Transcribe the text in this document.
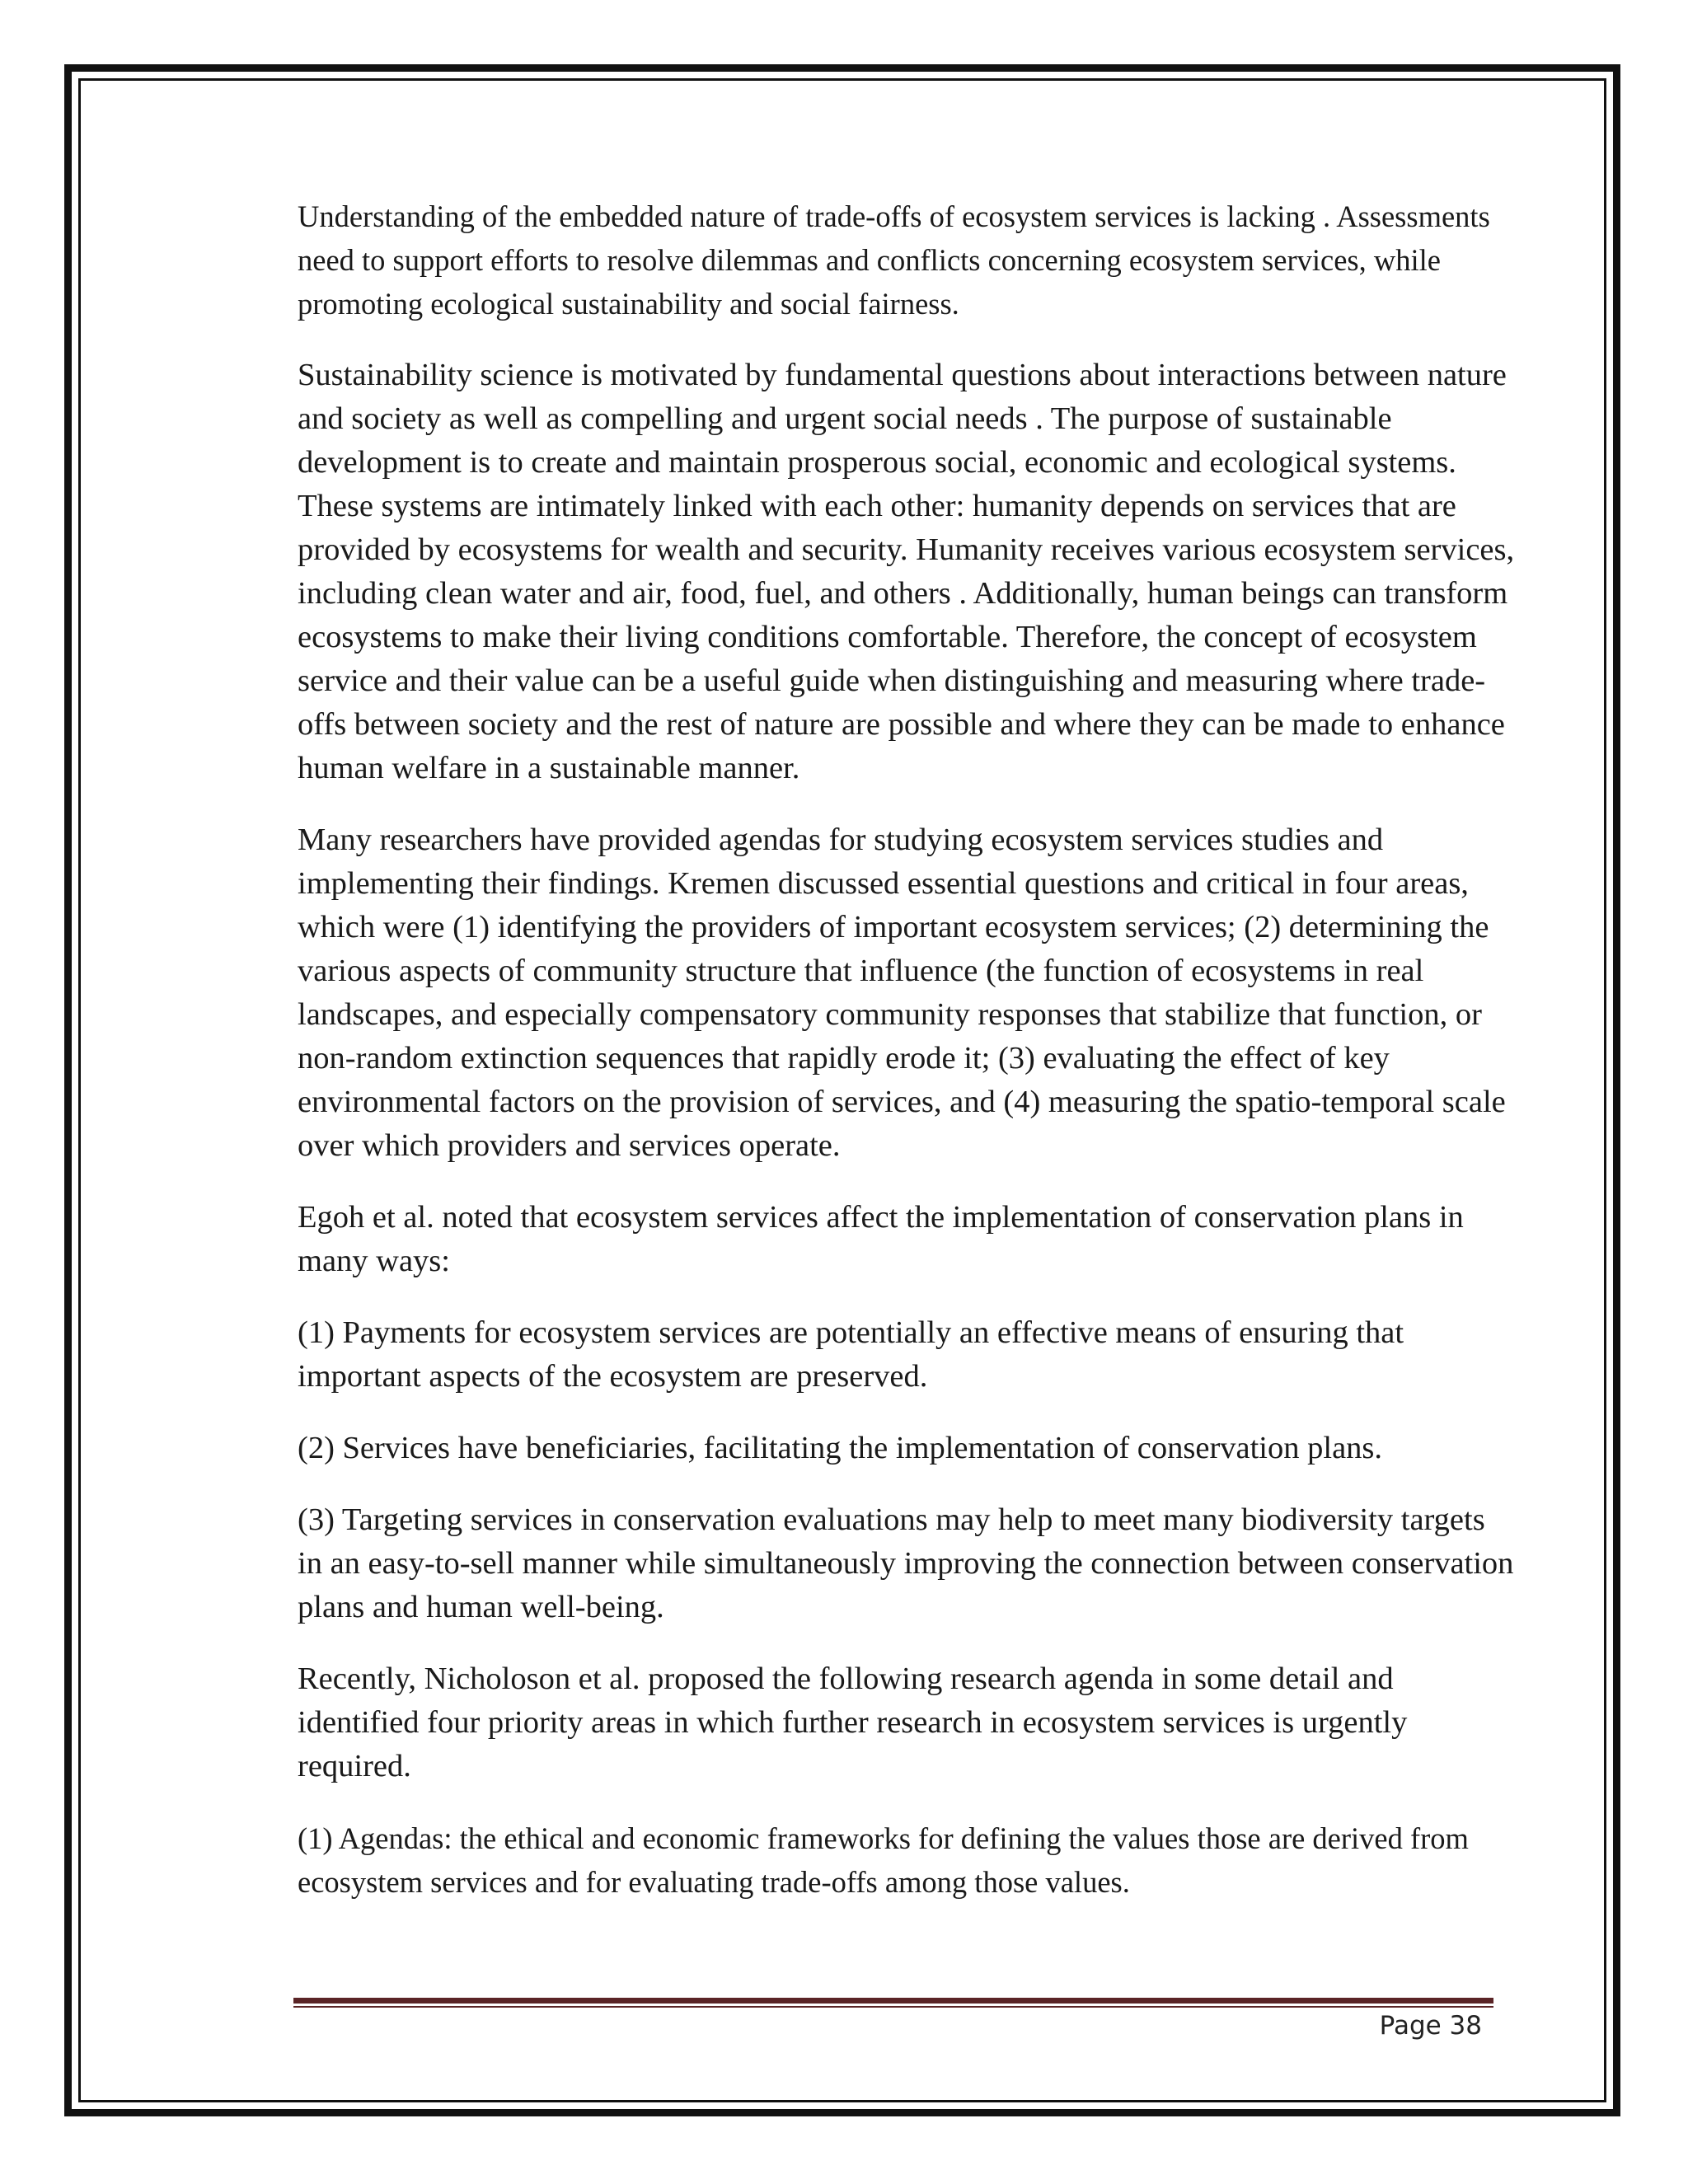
Understanding of the embedded nature of trade-offs of ecosystem services is lacking . Assessments need to support efforts to resolve dilemmas and conflicts concerning ecosystem services, while promoting ecological sustainability and social fairness.

Sustainability science is motivated by fundamental questions about interactions between nature and society as well as compelling and urgent social needs . The purpose of sustainable development is to create and maintain prosperous social, economic and ecological systems. These systems are intimately linked with each other: humanity depends on services that are provided by ecosystems for wealth and security. Humanity receives various ecosystem services, including clean water and air, food, fuel, and others . Additionally, human beings can transform ecosystems to make their living conditions comfortable. Therefore, the concept of ecosystem service and their value can be a useful guide when distinguishing and measuring where trade-offs between society and the rest of nature are possible and where they can be made to enhance human welfare in a sustainable manner.

Many researchers have provided agendas for studying ecosystem services studies and implementing their findings. Kremen discussed essential questions and critical in four areas, which were (1) identifying the providers of important ecosystem services; (2) determining the various aspects of community structure that influence (the function of ecosystems in real landscapes, and especially compensatory community responses that stabilize that function, or non-random extinction sequences that rapidly erode it; (3) evaluating the effect of key environmental factors on the provision of services, and (4) measuring the spatio-temporal scale over which providers and services operate.

Egoh et al. noted that ecosystem services affect the implementation of conservation plans in many ways:

(1) Payments for ecosystem services are potentially an effective means of ensuring that important aspects of the ecosystem are preserved.

(2) Services have beneficiaries, facilitating the implementation of conservation plans.

(3) Targeting services in conservation evaluations may help to meet many biodiversity targets in an easy-to-sell manner while simultaneously improving the connection between conservation plans and human well-being.

Recently, Nicholoson et al. proposed the following research agenda in some detail and identified four priority areas in which further research in ecosystem services is urgently required.

(1) Agendas: the ethical and economic frameworks for defining the values those are derived from ecosystem services and for evaluating trade-offs among those values.

Page 38
